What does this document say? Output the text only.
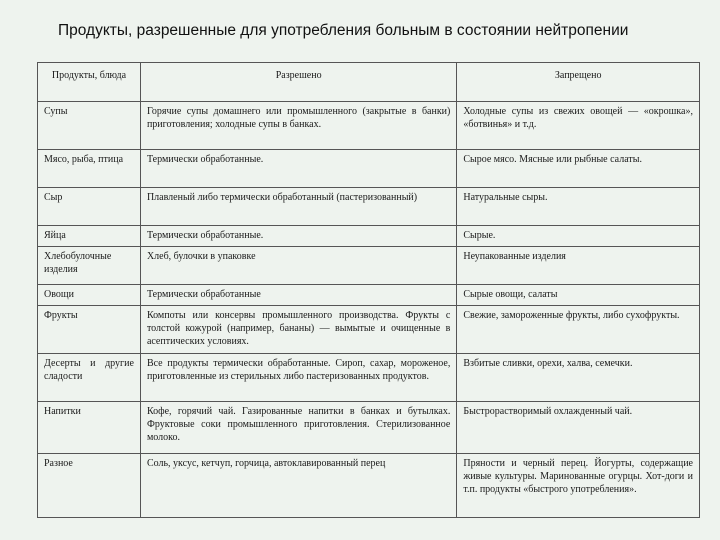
Продукты, разрешенные для употребления больным в состоянии нейтропении
Продукты, блюда	Разрешено	Запрещено
Супы	Горячие супы домашнего или промышленного (закрытые в банки) приготовления; холодные супы в банках.	Холодные супы из свежих овощей — «окрошка», «ботвинья» и т.д.
Мясо, рыба, птица	Термически обработанные.	Сырое мясо. Мясные или рыбные салаты.
Сыр	Плавленый либо термически обработанный (пастеризованный)	Натуральные сыры.
Яйца	Термически обработанные.	Сырые.
Хлебобулочные изделия	Хлеб, булочки в упаковке	Неупакованные изделия
Овощи	Термически обработанные	Сырые овощи, салаты
Фрукты	Компоты или консервы промышленного производства. Фрукты с толстой кожурой (например, бананы) — вымытые и очищенные в асептических условиях.	Свежие, замороженные фрукты, либо сухофрукты.
Десерты и другие сладости	Все продукты термически обработанные. Сироп, сахар, мороженое, приготовленные из стерильных либо пастеризованных продуктов.	Взбитые сливки, орехи, халва, семечки.
Напитки	Кофе, горячий чай. Газированные напитки в банках и бутылках. Фруктовые соки промышленного приготовления. Стерилизованное молоко.	Быстрорастворимый охлажденный чай.
Разное	Соль, уксус, кетчуп, горчица, автоклавированный перец	Пряности и черный перец. Йогурты, содержащие живые культуры. Маринованные огурцы. Хот-доги и т.п. продукты «быстрого употребления».
